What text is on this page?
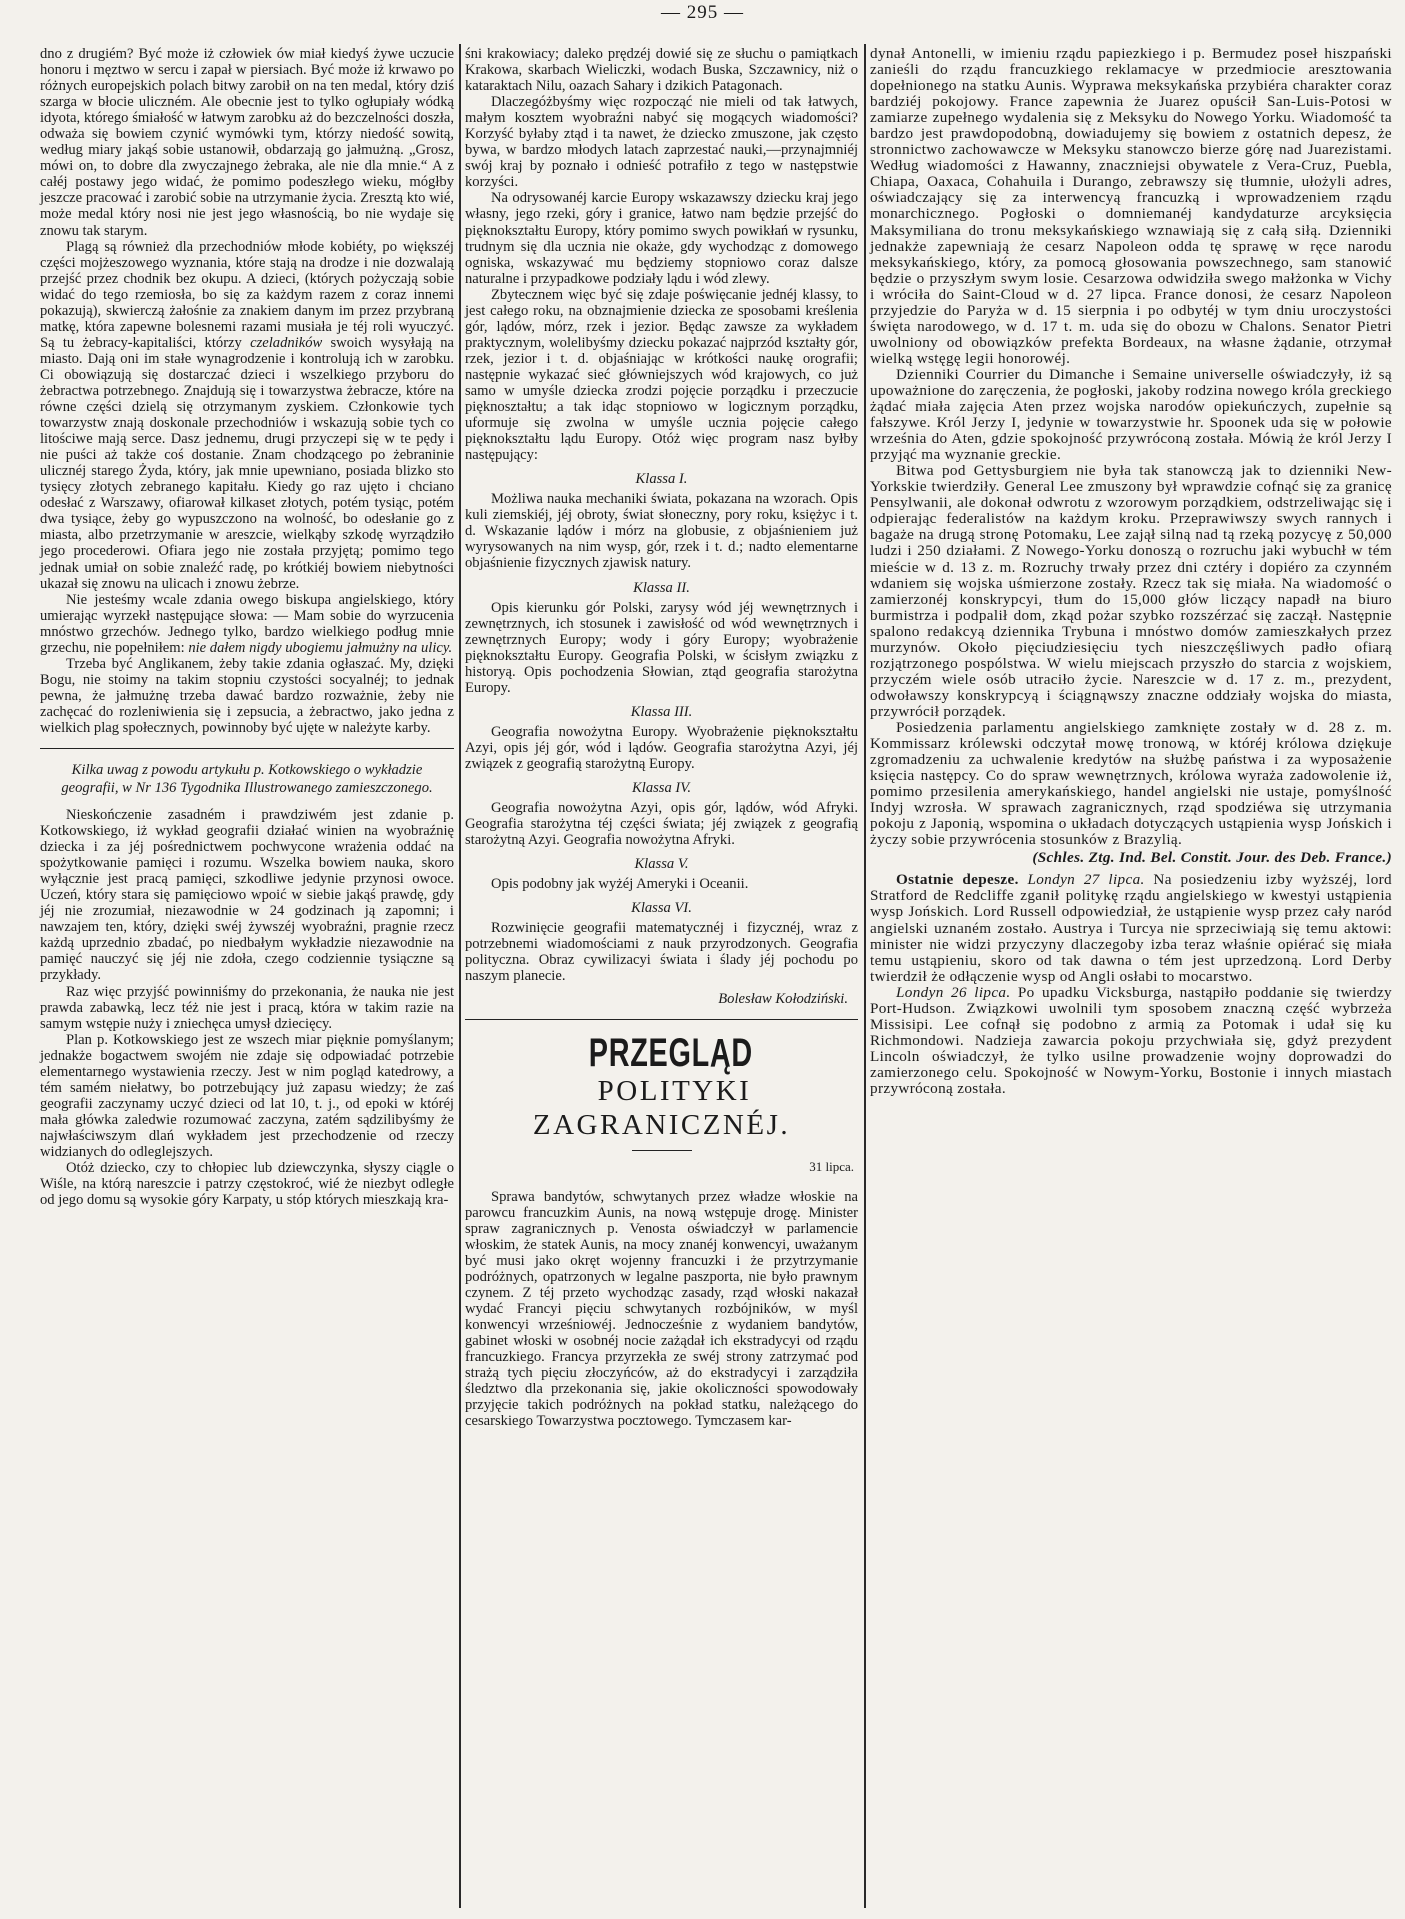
— 295 —

dno z drugiém? Być może iż człowiek ów miał kiedyś żywe uczucie honoru i męztwo w sercu i zapał w piersiach. Być może iż krwawo po różnych europejskich polach bitwy zarobił on na ten medal, który dziś szarga w błocie uliczném. Ale obecnie jest to tylko ogłupiały wódką idyota, którego śmiałość w łatwym zarobku aż do bezczelności doszła, odważa się bowiem czynić wymówki tym, którzy niedość sowitą, według miary jakąś sobie ustanowił, obdarzają go jałmużną. „Grosz, mówi on, to dobre dla zwyczajnego żebraka, ale nie dla mnie.“ A z całéj postawy jego widać, że pomimo podeszłego wieku, mógłby jeszcze pracować i zarobić sobie na utrzymanie życia. Zresztą kto wié, może medal który nosi nie jest jego własnością, bo nie wydaje się znowu tak starym.

Plagą są również dla przechodniów młode kobiéty, po większéj części mojżeszowego wyznania, które stają na drodze i nie dozwalają przejść przez chodnik bez okupu. A dzieci, (których pożyczają sobie widać do tego rzemiosła, bo się za każdym razem z coraz innemi pokazują), skwierczą żałośnie za znakiem danym im przez przybraną matkę, która zapewne bolesnemi razami musiała je téj roli wyuczyć. Są tu żebracy-kapitaliści, którzy czeladników swoich wysyłają na miasto. Dają oni im stałe wynagrodzenie i kontrolują ich w zarobku. Ci obowiązują się dostarczać dzieci i wszelkiego przyboru do żebractwa potrzebnego. Znajdują się i towarzystwa żebracze, które na równe części dzielą się otrzymanym zyskiem. Członkowie tych towarzystw znają doskonale przechodniów i wskazują sobie tych co litościwe mają serce. Dasz jednemu, drugi przyczepi się w te pędy i nie puści aż także coś dostanie. Znam chodzącego po żebraninie ulicznéj starego Żyda, który, jak mnie upewniano, posiada blizko sto tysięcy złotych zebranego kapitału. Kiedy go raz ujęto i chciano odesłać z Warszawy, ofiarował kilkaset złotych, potém tysiąc, potém dwa tysiące, żeby go wypuszczono na wolność, bo odesłanie go z miasta, albo przetrzymanie w areszcie, wielkąby szkodę wyrządziło jego procederowi. Ofiara jego nie została przyjętą; pomimo tego jednak umiał on sobie znaleźć radę, po krótkiéj bowiem niebytności ukazał się znowu na ulicach i znowu żebrze.

Nie jesteśmy wcale zdania owego biskupa angielskiego, który umierając wyrzekł następujące słowa: — Mam sobie do wyrzucenia mnóstwo grzechów. Jednego tylko, bardzo wielkiego podług mnie grzechu, nie popełniłem: nie dałem nigdy ubogiemu jałmużny na ulicy.

Trzeba być Anglikanem, żeby takie zdania ogłaszać. My, dzięki Bogu, nie stoimy na takim stopniu czystości socyalnéj; to jednak pewna, że jałmużnę trzeba dawać bardzo rozważnie, żeby nie zachęcać do rozleniwienia się i zepsucia, a żebractwo, jako jedna z wielkich plag społecznych, powinnoby być ujęte w należyte karby.

Kilka uwag z powodu artykułu p. Kotkowskiego o wykładzie geografii, w Nr 136 Tygodnika Illustrowanego zamieszczonego.

Nieskończenie zasadném i prawdziwém jest zdanie p. Kotkowskiego, iż wykład geografii działać winien na wyobraźnię dziecka i za jéj pośrednictwem pochwycone wrażenia oddać na spożytkowanie pamięci i rozumu. Wszelka bowiem nauka, skoro wyłącznie jest pracą pamięci, szkodliwe jedynie przynosi owoce. Uczeń, który stara się pamięciowo wpoić w siebie jakąś prawdę, gdy jéj nie zrozumiał, niezawodnie w 24 godzinach ją zapomni; i nawzajem ten, który, dzięki swéj żywszéj wyobraźni, pragnie rzecz każdą uprzednio zbadać, po niedbałym wykładzie niezawodnie na pamięć nauczyć się jéj nie zdoła, czego codziennie tysiączne są przykłady.

Raz więc przyjść powinniśmy do przekonania, że nauka nie jest prawda zabawką, lecz téż nie jest i pracą, która w takim razie na samym wstępie nuży i zniechęca umysł dziecięcy.

Plan p. Kotkowskiego jest ze wszech miar pięknie pomyślanym; jednakże bogactwem swojém nie zdaje się odpowiadać potrzebie elementarnego wystawienia rzeczy. Jest w nim pogląd katedrowy, a tém samém niełatwy, bo potrzebujący już zapasu wiedzy; że zaś geografii zaczynamy uczyć dzieci od lat 10, t. j., od epoki w któréj mała główka zaledwie rozumować zaczyna, zatém sądzilibyśmy że najwłaściwszym dlań wykładem jest przechodzenie od rzeczy widzianych do odleglejszych.

Otóż dziecko, czy to chłopiec lub dziewczynka, słyszy ciągle o Wiśle, na którą nareszcie i patrzy częstokroć, wié że niezbyt odległe od jego domu są wysokie góry Karpaty, u stóp których mieszkają kra-

śni krakowiacy; daleko prędzéj dowié się ze słuchu o pamiątkach Krakowa, skarbach Wieliczki, wodach Buska, Szczawnicy, niż o kataraktach Nilu, oazach Sahary i dzikich Patagonach.

Dlaczegóżbyśmy więc rozpocząć nie mieli od tak łatwych, małym kosztem wyobraźni nabyć się mogących wiadomości? Korzyść byłaby ztąd i ta nawet, że dziecko zmuszone, jak często bywa, w bardzo młodych latach zaprzestać nauki,—przynajmniéj swój kraj by poznało i odnieść potrafiło z tego w następstwie korzyści.

Na odrysowanéj karcie Europy wskazawszy dziecku kraj jego własny, jego rzeki, góry i granice, łatwo nam będzie przejść do pięknokształtu Europy, który pomimo swych powikłań w rysunku, trudnym się dla ucznia nie okaże, gdy wychodząc z domowego ogniska, wskazywać mu będziemy stopniowo coraz dalsze naturalne i przypadkowe podziały lądu i wód zlewy.

Zbytecznem więc być się zdaje poświęcanie jednéj klassy, to jest całego roku, na obznajmienie dziecka ze sposobami kreślenia gór, lądów, mórz, rzek i jezior. Będąc zawsze za wykładem praktycznym, wolelibyśmy dziecku pokazać najprzód kształty gór, rzek, jezior i t. d. objaśniając w krótkości naukę orografii; następnie wykazać sieć główniejszych wód krajowych, co już samo w umyśle dziecka zrodzi pojęcie porządku i przeczucie pięknoształtu; a tak idąc stopniowo w logicznym porządku, uformuje się zwolna w umyśle ucznia pojęcie całego pięknokształtu lądu Europy. Otóż więc program nasz byłby następujący:

Klassa I.

Możliwa nauka mechaniki świata, pokazana na wzorach. Opis kuli ziemskiéj, jéj obroty, świat słoneczny, pory roku, księżyc i t. d. Wskazanie lądów i mórz na globusie, z objaśnieniem już wyrysowanych na nim wysp, gór, rzek i t. d.; nadto elementarne objaśnienie fizycznych zjawisk natury.

Klassa II.

Opis kierunku gór Polski, zarysy wód jéj wewnętrznych i zewnętrznych, ich stosunek i zawisłość od wód wewnętrznych i zewnętrznych Europy; wody i góry Europy; wyobrażenie pięknokształtu Europy. Geografia Polski, w ścisłym związku z historyą. Opis pochodzenia Słowian, ztąd geografia starożytna Europy.

Klassa III.

Geografia nowożytna Europy. Wyobrażenie pięknokształtu Azyi, opis jéj gór, wód i lądów. Geografia starożytna Azyi, jéj związek z geografią starożytną Europy.

Klassa IV.

Geografia nowożytna Azyi, opis gór, lądów, wód Afryki. Geografia starożytna téj części świata; jéj związek z geografią starożytną Azyi. Geografia nowożytna Afryki.

Klassa V.

Opis podobny jak wyżéj Ameryki i Oceanii.

Klassa VI.

Rozwinięcie geografii matematycznéj i fizycznéj, wraz z potrzebnemi wiadomościami z nauk przyrodzonych. Geografia polityczna. Obraz cywilizacyi świata i ślady jéj pochodu po naszym planecie.

Bolesław Kołodziński.

PRZEGLĄD

POLITYKI ZAGRANICZNÉJ.

31 lipca.

Sprawa bandytów, schwytanych przez władze włoskie na parowcu francuzkim Aunis, na nową wstępuje drogę. Minister spraw zagranicznych p. Venosta oświadczył w parlamencie włoskim, że statek Aunis, na mocy znanéj konwencyi, uważanym być musi jako okręt wojenny francuzki i że przytrzymanie podróżnych, opatrzonych w legalne paszporta, nie było prawnym czynem. Z téj przeto wychodząc zasady, rząd włoski nakazał wydać Francyi pięciu schwytanych rozbójników, w myśl konwencyi wrześniowéj. Jednocześnie z wydaniem bandytów, gabinet włoski w osobnéj nocie zażądał ich ekstradycyi od rządu francuzkiego. Francya przyrzekła ze swéj strony zatrzymać pod strażą tych pięciu złoczyńców, aż do ekstradycyi i zarządziła śledztwo dla przekonania się, jakie okoliczności spowodowały przyjęcie takich podróżnych na pokład statku, należącego do cesarskiego Towarzystwa pocztowego. Tymczasem kar-

dynał Antonelli, w imieniu rządu papiezkiego i p. Bermudez poseł hiszpański zanieśli do rządu francuzkiego reklamacye w przedmiocie aresztowania dopełnionego na statku Aunis. Wyprawa meksykańska przybiéra charakter coraz bardziéj pokojowy. France zapewnia że Juarez opuścił San-Luis-Potosi w zamiarze zupełnego wydalenia się z Meksyku do Nowego Yorku. Wiadomość ta bardzo jest prawdopodobną, dowiadujemy się bowiem z ostatnich depesz, że stronnictwo zachowawcze w Meksyku stanowczo bierze górę nad Juarezistami. Według wiadomości z Hawanny, znaczniejsi obywatele z Vera-Cruz, Puebla, Chiapa, Oaxaca, Cohahuila i Durango, zebrawszy się tłumnie, ułożyli adres, oświadczający się za interwencyą francuzką i wprowadzeniem rządu monarchicznego. Pogłoski o domniemanéj kandydaturze arcyksięcia Maksymiliana do tronu meksykańskiego wznawiają się z całą siłą. Dzienniki jednakże zapewniają że cesarz Napoleon odda tę sprawę w ręce narodu meksykańskiego, który, za pomocą głosowania powszechnego, sam stanowić będzie o przyszłym swym losie. Cesarzowa odwidziła swego małżonka w Vichy i wróciła do Saint-Cloud w d. 27 lipca. France donosi, że cesarz Napoleon przyjedzie do Paryża w d. 15 sierpnia i po odbytéj w tym dniu uroczystości święta narodowego, w d. 17 t. m. uda się do obozu w Chalons. Senator Pietri uwolniony od obowiązków prefekta Bordeaux, na własne żądanie, otrzymał wielką wstęgę legii honorowéj.

Dzienniki Courrier du Dimanche i Semaine universelle oświadczyły, iż są upoważnione do zaręczenia, że pogłoski, jakoby rodzina nowego króla greckiego żądać miała zajęcia Aten przez wojska narodów opiekuńczych, zupełnie są fałszywe. Król Jerzy I, jedynie w towarzystwie hr. Spoonek uda się w połowie września do Aten, gdzie spokojność przywróconą została. Mówią że król Jerzy I przyjąć ma wyznanie greckie.

Bitwa pod Gettysburgiem nie była tak stanowczą jak to dzienniki New-Yorkskie twierdziły. General Lee zmuszony był wprawdzie cofnąć się za granicę Pensylwanii, ale dokonał odwrotu z wzorowym porządkiem, odstrzeliwając się i odpierając federalistów na każdym kroku. Przeprawiwszy swych rannych i bagaże na drugą stronę Potomaku, Lee zajął silną nad tą rzeką pozycyę z 50,000 ludzi i 250 działami. Z Nowego-Yorku donoszą o rozruchu jaki wybuchł w tém mieście w d. 13 z. m. Rozruchy trwały przez dni cztéry i dopiéro za czynném wdaniem się wojska uśmierzone zostały. Rzecz tak się miała. Na wiadomość o zamierzonéj konskrypcyi, tłum do 15,000 głów liczący napadł na biuro burmistrza i podpalił dom, zkąd pożar szybko rozszérzać się zaczął. Następnie spalono redakcyą dziennika Trybuna i mnóstwo domów zamieszkałych przez murzynów. Około pięciudziesięciu tych nieszczęśliwych padło ofiarą rozjątrzonego pospólstwa. W wielu miejscach przyszło do starcia z wojskiem, przyczém wiele osób utraciło życie. Nareszcie w d. 17 z. m., prezydent, odwoławszy konskrypcyą i ściągnąwszy znaczne oddziały wojska do miasta, przywrócił porządek.

Posiedzenia parlamentu angielskiego zamknięte zostały w d. 28 z. m. Kommissarz królewski odczytał mowę tronową, w któréj królowa dziękuje zgromadzeniu za uchwalenie kredytów na służbę państwa i za wyposażenie księcia następcy. Co do spraw wewnętrznych, królowa wyraża zadowolenie iż, pomimo przesilenia amerykańskiego, handel angielski nie ustaje, pomyślność Indyj wzrosła. W sprawach zagranicznych, rząd spodziéwa się utrzymania pokoju z Japonią, wspomina o układach dotyczących ustąpienia wysp Jońskich i życzy sobie przywrócenia stosunków z Brazylią.

(Schles. Ztg. Ind. Bel. Constit. Jour. des Deb. France.)

Ostatnie depesze. Londyn 27 lipca. Na posiedzeniu izby wyższéj, lord Stratford de Redcliffe zganił politykę rządu angielskiego w kwestyi ustąpienia wysp Jońskich. Lord Russell odpowiedział, że ustąpienie wysp przez cały naród angielski uznaném zostało. Austrya i Turcya nie sprzeciwiają się temu aktowi: minister nie widzi przyczyny dlaczegoby izba teraz właśnie opiérać się miała temu ustąpieniu, skoro od tak dawna o tém jest uprzedzoną. Lord Derby twierdził że odłączenie wysp od Angli osłabi to mocarstwo.

Londyn 26 lipca. Po upadku Vicksburga, nastąpiło poddanie się twierdzy Port-Hudson. Związkowi uwolnili tym sposobem znaczną część wybrzeża Missisipi. Lee cofnął się podobno z armią za Potomak i udał się ku Richmondowi. Nadzieja zawarcia pokoju przychwiała się, gdyż prezydent Lincoln oświadczył, że tylko usilne prowadzenie wojny doprowadzi do zamierzonego celu. Spokojność w Nowym-Yorku, Bostonie i innych miastach przywróconą została.
